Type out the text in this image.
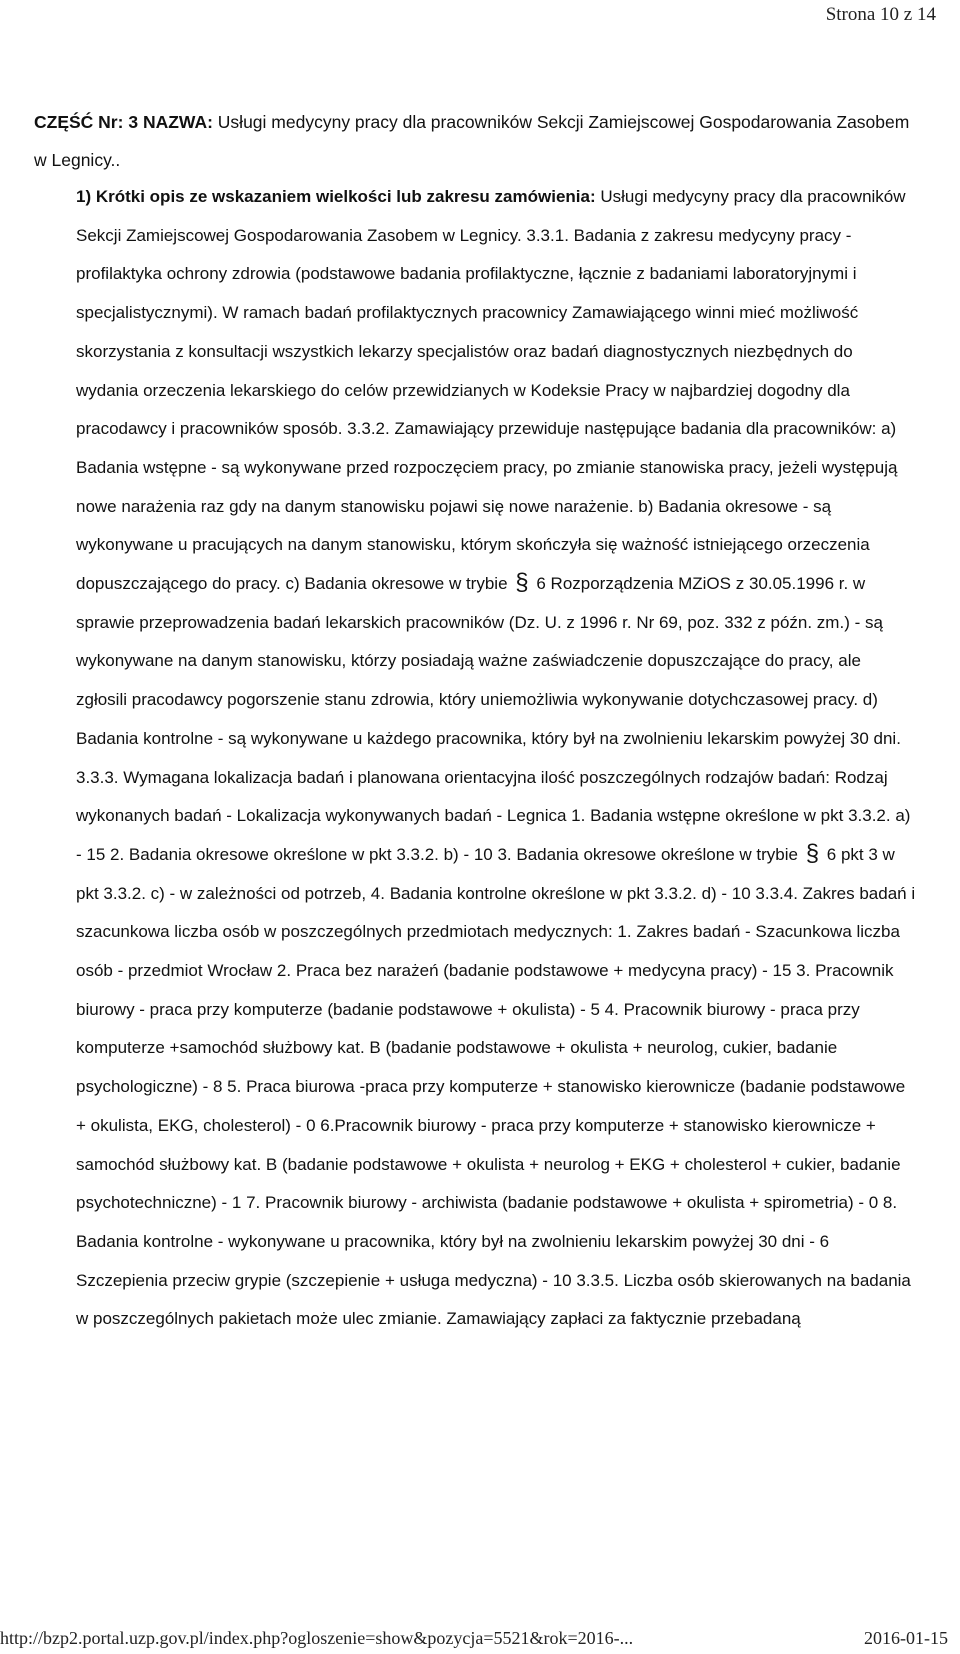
Strona 10 z 14
CZĘŚĆ Nr: 3 NAZWA: Usługi medycyny pracy dla pracowników Sekcji Zamiejscowej Gospodarowania Zasobem w Legnicy..

1) Krótki opis ze wskazaniem wielkości lub zakresu zamówienia: Usługi medycyny pracy dla pracowników Sekcji Zamiejscowej Gospodarowania Zasobem w Legnicy. 3.3.1. Badania z zakresu medycyny pracy - profilaktyka ochrony zdrowia (podstawowe badania profilaktyczne, łącznie z badaniami laboratoryjnymi i specjalistycznymi). W ramach badań profilaktycznych pracownicy Zamawiającego winni mieć możliwość skorzystania z konsultacji wszystkich lekarzy specjalistów oraz badań diagnostycznych niezbędnych do wydania orzeczenia lekarskiego do celów przewidzianych w Kodeksie Pracy w najbardziej dogodny dla pracodawcy i pracowników sposób. 3.3.2. Zamawiający przewiduje następujące badania dla pracowników: a) Badania wstępne - są wykonywane przed rozpoczęciem pracy, po zmianie stanowiska pracy, jeżeli występują nowe narażenia raz gdy na danym stanowisku pojawi się nowe narażenie. b) Badania okresowe - są wykonywane u pracujących na danym stanowisku, którym skończyła się ważność istniejącego orzeczenia dopuszczającego do pracy. c) Badania okresowe w trybie § 6 Rozporządzenia MZiOS z 30.05.1996 r. w sprawie przeprowadzenia badań lekarskich pracowników (Dz. U. z 1996 r. Nr 69, poz. 332 z późn. zm.) - są wykonywane na danym stanowisku, którzy posiadają ważne zaświadczenie dopuszczające do pracy, ale zgłosili pracodawcy pogorszenie stanu zdrowia, który uniemożliwia wykonywanie dotychczasowej pracy. d) Badania kontrolne - są wykonywane u każdego pracownika, który był na zwolnieniu lekarskim powyżej 30 dni. 3.3.3. Wymagana lokalizacja badań i planowana orientacyjna ilość poszczególnych rodzajów badań: Rodzaj wykonanych badań - Lokalizacja wykonywanych badań - Legnica 1. Badania wstępne określone w pkt 3.3.2. a) - 15 2. Badania okresowe określone w pkt 3.3.2. b) - 10 3. Badania okresowe określone w trybie § 6 pkt 3 w pkt 3.3.2. c) - w zależności od potrzeb, 4. Badania kontrolne określone w pkt 3.3.2. d) - 10 3.3.4. Zakres badań i szacunkowa liczba osób w poszczególnych przedmiotach medycznych: 1. Zakres badań - Szacunkowa liczba osób - przedmiot Wrocław 2. Praca bez narażeń (badanie podstawowe + medycyna pracy) - 15 3. Pracownik biurowy - praca przy komputerze (badanie podstawowe + okulista) - 5 4. Pracownik biurowy - praca przy komputerze +samochód służbowy kat. B (badanie podstawowe + okulista + neurolog, cukier, badanie psychologiczne) - 8 5. Praca biurowa -praca przy komputerze + stanowisko kierownicze (badanie podstawowe + okulista, EKG, cholesterol) - 0 6.Pracownik biurowy - praca przy komputerze + stanowisko kierownicze + samochód służbowy kat. B (badanie podstawowe + okulista + neurolog + EKG + cholesterol + cukier, badanie psychotechniczne) - 1 7. Pracownik biurowy - archiwista (badanie podstawowe + okulista + spirometria) - 0 8. Badania kontrolne - wykonywane u pracownika, który był na zwolnieniu lekarskim powyżej 30 dni - 6 Szczepienia przeciw grypie (szczepienie + usługa medyczna) - 10 3.3.5. Liczba osób skierowanych na badania w poszczególnych pakietach może ulec zmianie. Zamawiający zapłaci za faktycznie przebadaną

http://bzp2.portal.uzp.gov.pl/index.php?ogloszenie=show&pozycja=5521&rok=2016-...	2016-01-15
